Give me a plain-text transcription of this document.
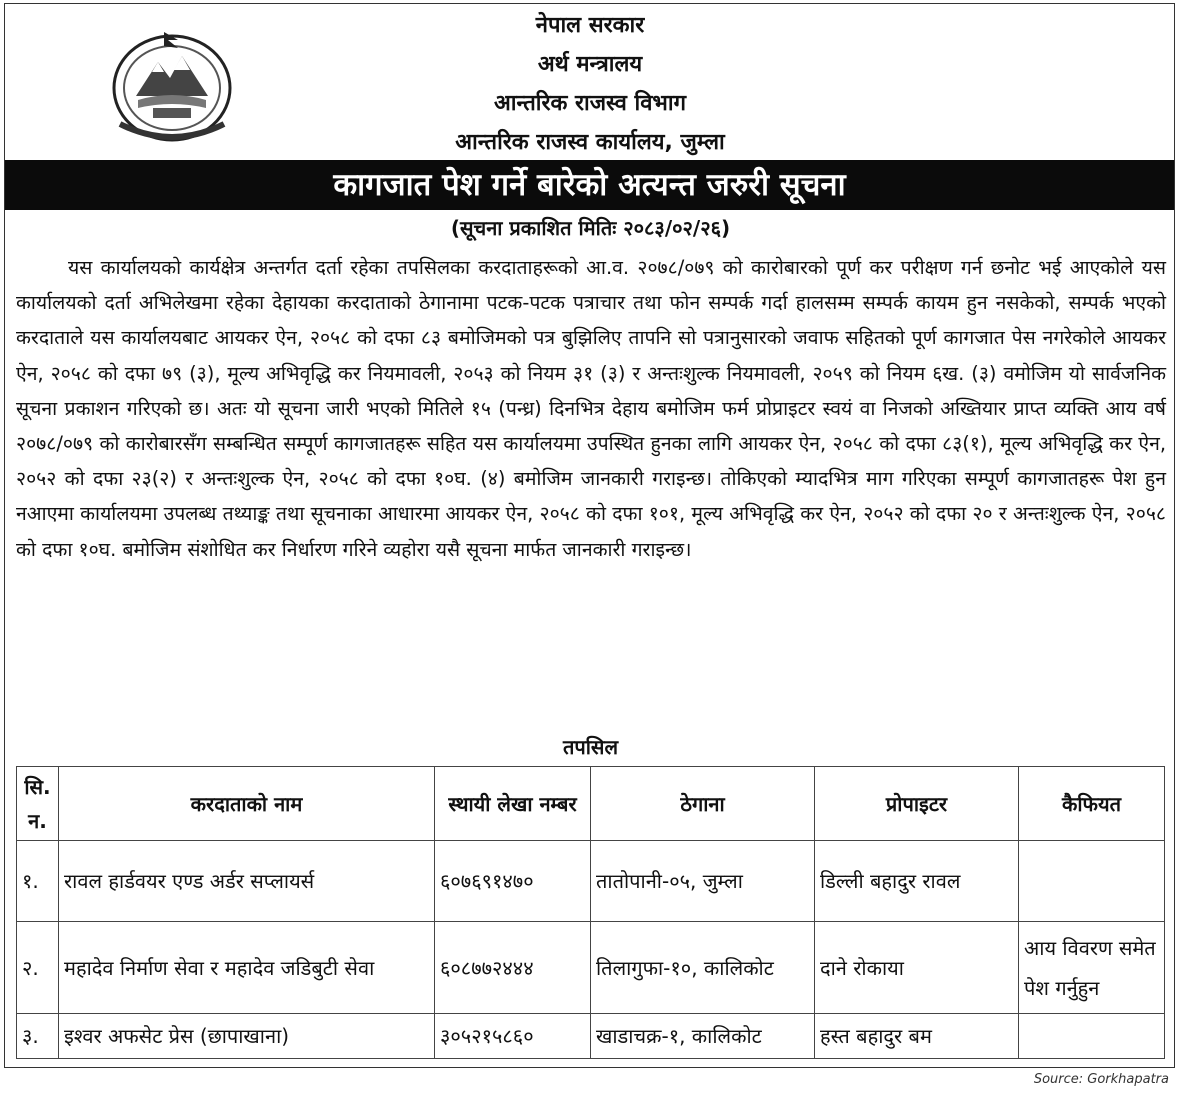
नेपाल सरकार
अर्थ मन्त्रालय
आन्तरिक राजस्व विभाग
आन्तरिक राजस्व कार्यालय, जुम्ला
कागजात पेश गर्ने बारेको अत्यन्त जरुरी सूचना
(सूचना प्रकाशित मितिः २०८३/०२/२६)

यस कार्यालयको कार्यक्षेत्र अन्तर्गत दर्ता रहेका तपसिलका करदाताहरूको आ.व. २०७८/०७९ को कारोबारको पूर्ण कर परीक्षण गर्न छनोट भई आएकोले यस कार्यालयको दर्ता अभिलेखमा रहेका देहायका करदाताको ठेगानामा पटक-पटक पत्राचार तथा फोन सम्पर्क गर्दा हालसम्म सम्पर्क कायम हुन नसकेको, सम्पर्क भएको करदाताले यस कार्यालयबाट आयकर ऐन, २०५८ को दफा ८३ बमोजिमको पत्र बुझिलिए तापनि सो पत्रानुसारको जवाफ सहितको पूर्ण कागजात पेस नगरेकोले आयकर ऐन, २०५८ को दफा ७९ (३), मूल्य अभिवृद्धि कर नियमावली, २०५३ को नियम ३१ (३) र अन्तःशुल्क नियमावली, २०५९ को नियम ६ख. (३) वमोजिम यो सार्वजनिक सूचना प्रकाशन गरिएको छ। अतः यो सूचना जारी भएको मितिले १५ (पन्ध्र) दिनभित्र देहाय बमोजिम फर्म प्रोप्राइटर स्वयं वा निजको अख्तियार प्राप्त व्यक्ति आय वर्ष २०७८/०७९ को कारोबारसँग सम्बन्धित सम्पूर्ण कागजातहरू सहित यस कार्यालयमा उपस्थित हुनका लागि आयकर ऐन, २०५८ को दफा ८३(१), मूल्य अभिवृद्धि कर ऐन, २०५२ को दफा २३(२) र अन्तःशुल्क ऐन, २०५८ को दफा १०घ. (४) बमोजिम जानकारी गराइन्छ। तोकिएको म्यादभित्र माग गरिएका सम्पूर्ण कागजातहरू पेश हुन नआएमा कार्यालयमा उपलब्ध तथ्याङ्क तथा सूचनाका आधारमा आयकर ऐन, २०५८ को दफा १०१, मूल्य अभिवृद्धि कर ऐन, २०५२ को दफा २० र अन्तःशुल्क ऐन, २०५८ को दफा १०घ. बमोजिम संशोधित कर निर्धारण गरिने व्यहोरा यसै सूचना मार्फत जानकारी गराइन्छ।

तपसिल
सि. न.	करदाताको नाम	स्थायी लेखा नम्बर	ठेगाना	प्रोपाइटर	कैफियत
१.	रावल हार्डवयर एण्ड अर्डर सप्लायर्स	६०७६९१४७०	तातोपानी-०५, जुम्ला	डिल्ली बहादुर रावल	
२.	महादेव निर्माण सेवा र महादेव जडिबुटी सेवा	६०८७७२४४४	तिलागुफा-१०, कालिकोट	दाने रोकाया	आय विवरण समेत पेश गर्नुहुन
३.	इश्वर अफसेट प्रेस (छापाखाना)	३०५२१५८६०	खाडाचक्र-१, कालिकोट	हस्त बहादुर बम	
Source: Gorkhapatra
